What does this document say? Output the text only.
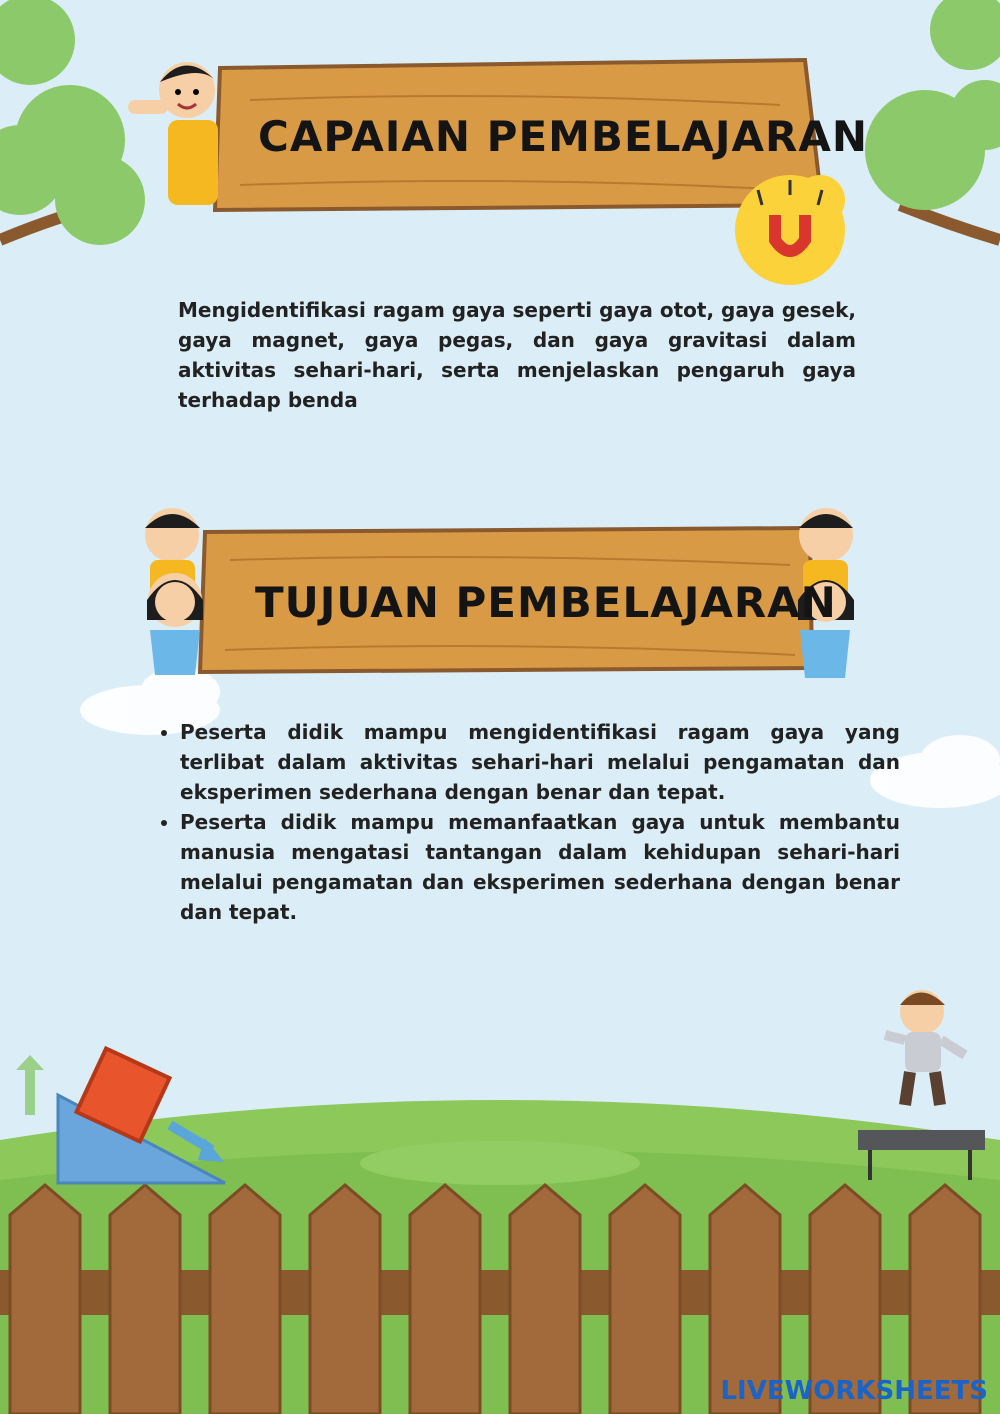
CAPAIAN PEMBELAJARAN
Mengidentifikasi ragam gaya seperti gaya otot, gaya gesek, gaya magnet, gaya pegas, dan gaya gravitasi dalam aktivitas sehari-hari, serta menjelaskan pengaruh gaya terhadap benda
TUJUAN PEMBELAJARAN
• Peserta didik mampu mengidentifikasi ragam gaya yang terlibat dalam aktivitas sehari-hari melalui pengamatan dan eksperimen sederhana dengan benar dan tepat.
• Peserta didik mampu memanfaatkan gaya untuk membantu manusia mengatasi tantangan dalam kehidupan sehari-hari melalui pengamatan dan eksperimen sederhana dengan benar dan tepat.
LIVEWORKSHEETS
